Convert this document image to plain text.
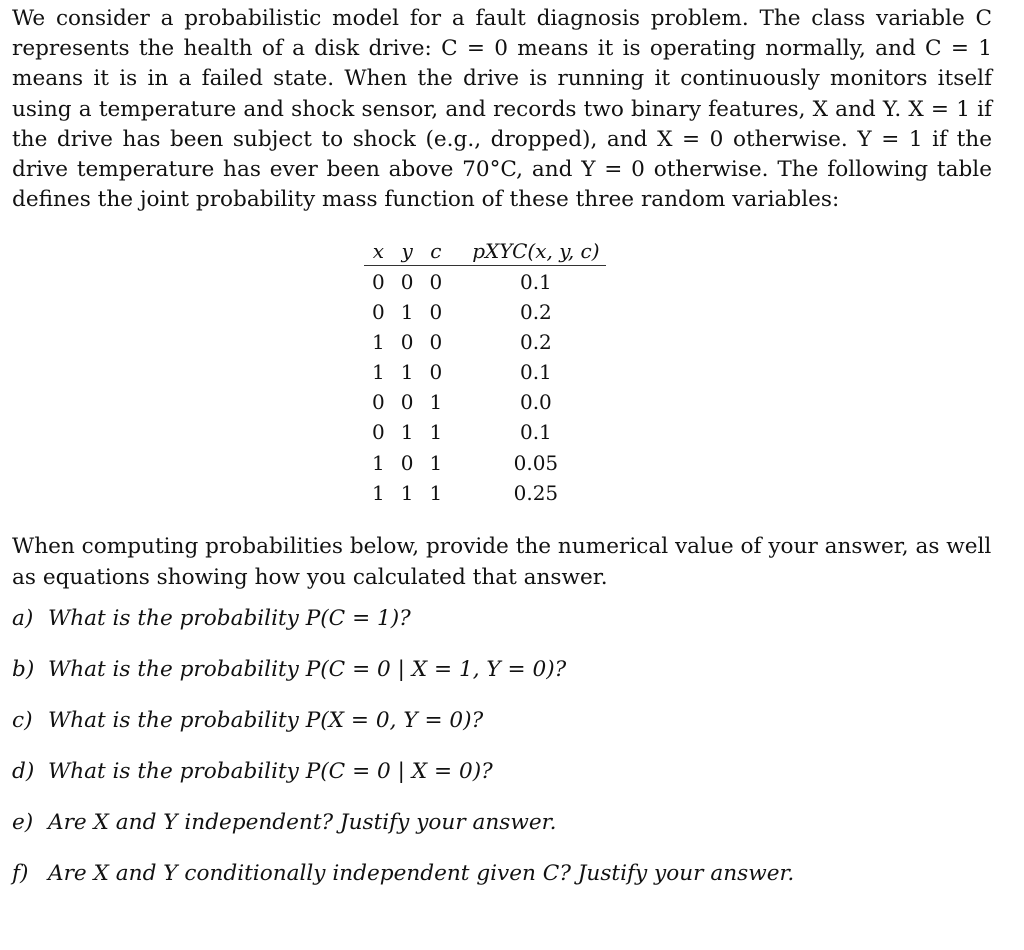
We consider a probabilistic model for a fault diagnosis problem. The class variable C represents the health of a disk drive: C = 0 means it is operating normally, and C = 1 means it is in a failed state. When the drive is running it continuously monitors itself using a temperature and shock sensor, and records two binary features, X and Y. X = 1 if the drive has been subject to shock (e.g., dropped), and X = 0 otherwise. Y = 1 if the drive temperature has ever been above 70°C, and Y = 0 otherwise. The following table defines the joint probability mass function of these three random variables:

x	y	c	pXYC(x, y, c)
0	0	0	0.1
0	1	0	0.2
1	0	0	0.2
1	1	0	0.1
0	0	1	0.0
0	1	1	0.1
1	0	1	0.05
1	1	1	0.25

When computing probabilities below, provide the numerical value of your answer, as well as equations showing how you calculated that answer.

a) What is the probability P(C = 1)?
b) What is the probability P(C = 0 | X = 1, Y = 0)?
c) What is the probability P(X = 0, Y = 0)?
d) What is the probability P(C = 0 | X = 0)?
e) Are X and Y independent? Justify your answer.
f) Are X and Y conditionally independent given C? Justify your answer.
